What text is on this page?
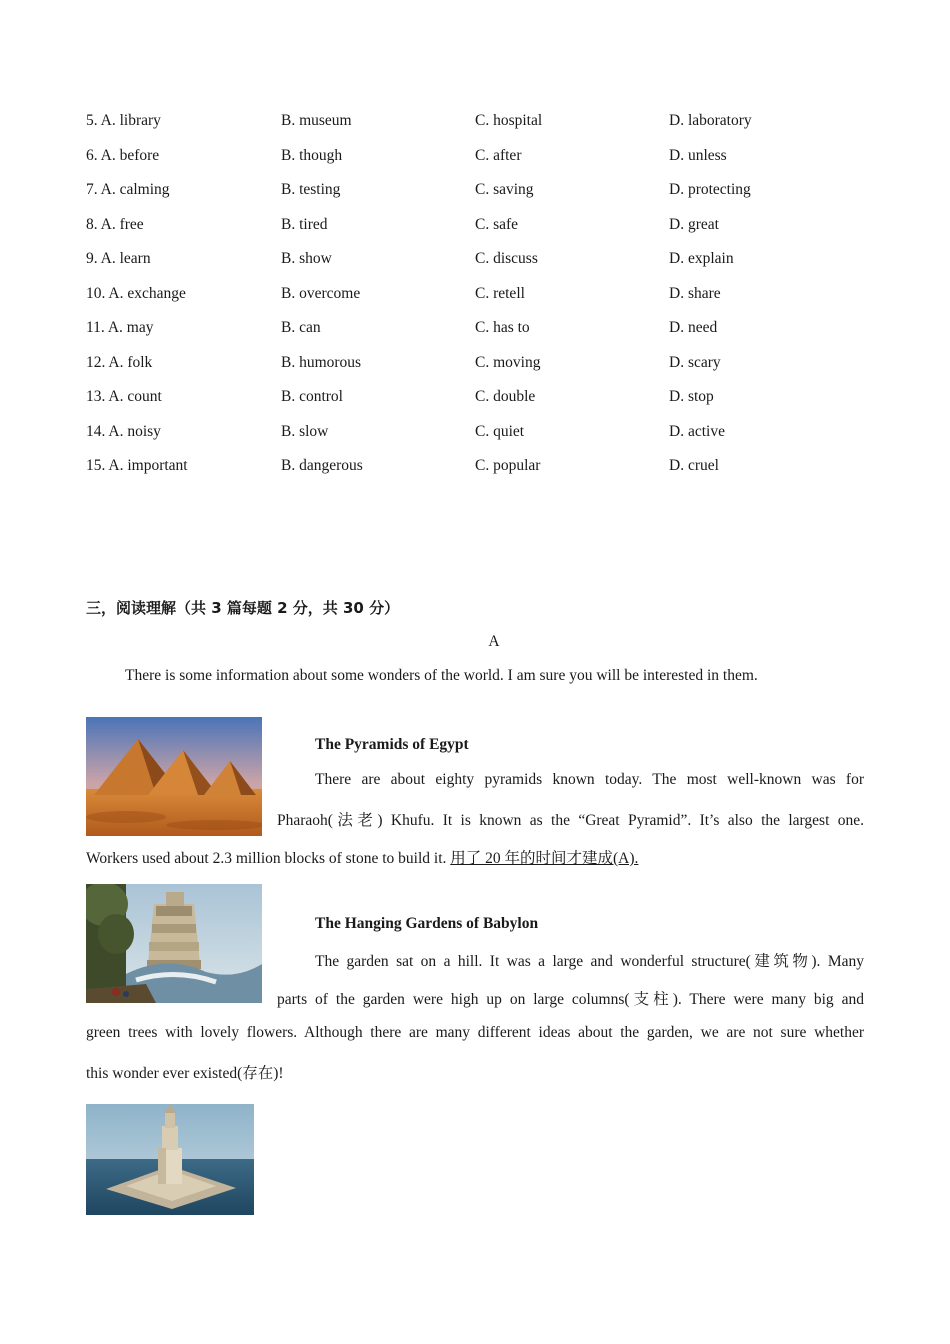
5. A. library	B. museum	C. hospital	D. laboratory
6. A. before	B. though	C. after	D. unless
7. A. calming	B. testing	C. saving	D. protecting
8. A. free	B. tired	C. safe	D. great
9. A. learn	B. show	C. discuss	D. explain
10. A. exchange	B. overcome	C. retell	D. share
11. A. may	B. can	C. has to	D. need
12. A. folk	B. humorous	C. moving	D. scary
13. A. count	B. control	C. double	D. stop
14. A. noisy	B. slow	C. quiet	D. active
15. A. important	B. dangerous	C. popular	D. cruel
三，阅读理解（共 3 篇每题 2 分，共 30 分）
A
There is some information about some wonders of the world. I am sure you will be interested in them.
The Pyramids of Egypt
There are about eighty pyramids known today. The most well-known was for
Pharaoh(法老) Khufu. It is known as the “Great Pyramid”. It’s also the largest one.
Workers used about 2.3 million blocks of stone to build it. 用了 20 年的时间才建成(A).
The Hanging Gardens of Babylon
The garden sat on a hill. It was a large and wonderful structure(建筑物). Many
parts of the garden were high up on large columns(支柱). There were many big and
green trees with lovely flowers. Although there are many different ideas about the garden, we are not sure whether
this wonder ever existed(存在)!
